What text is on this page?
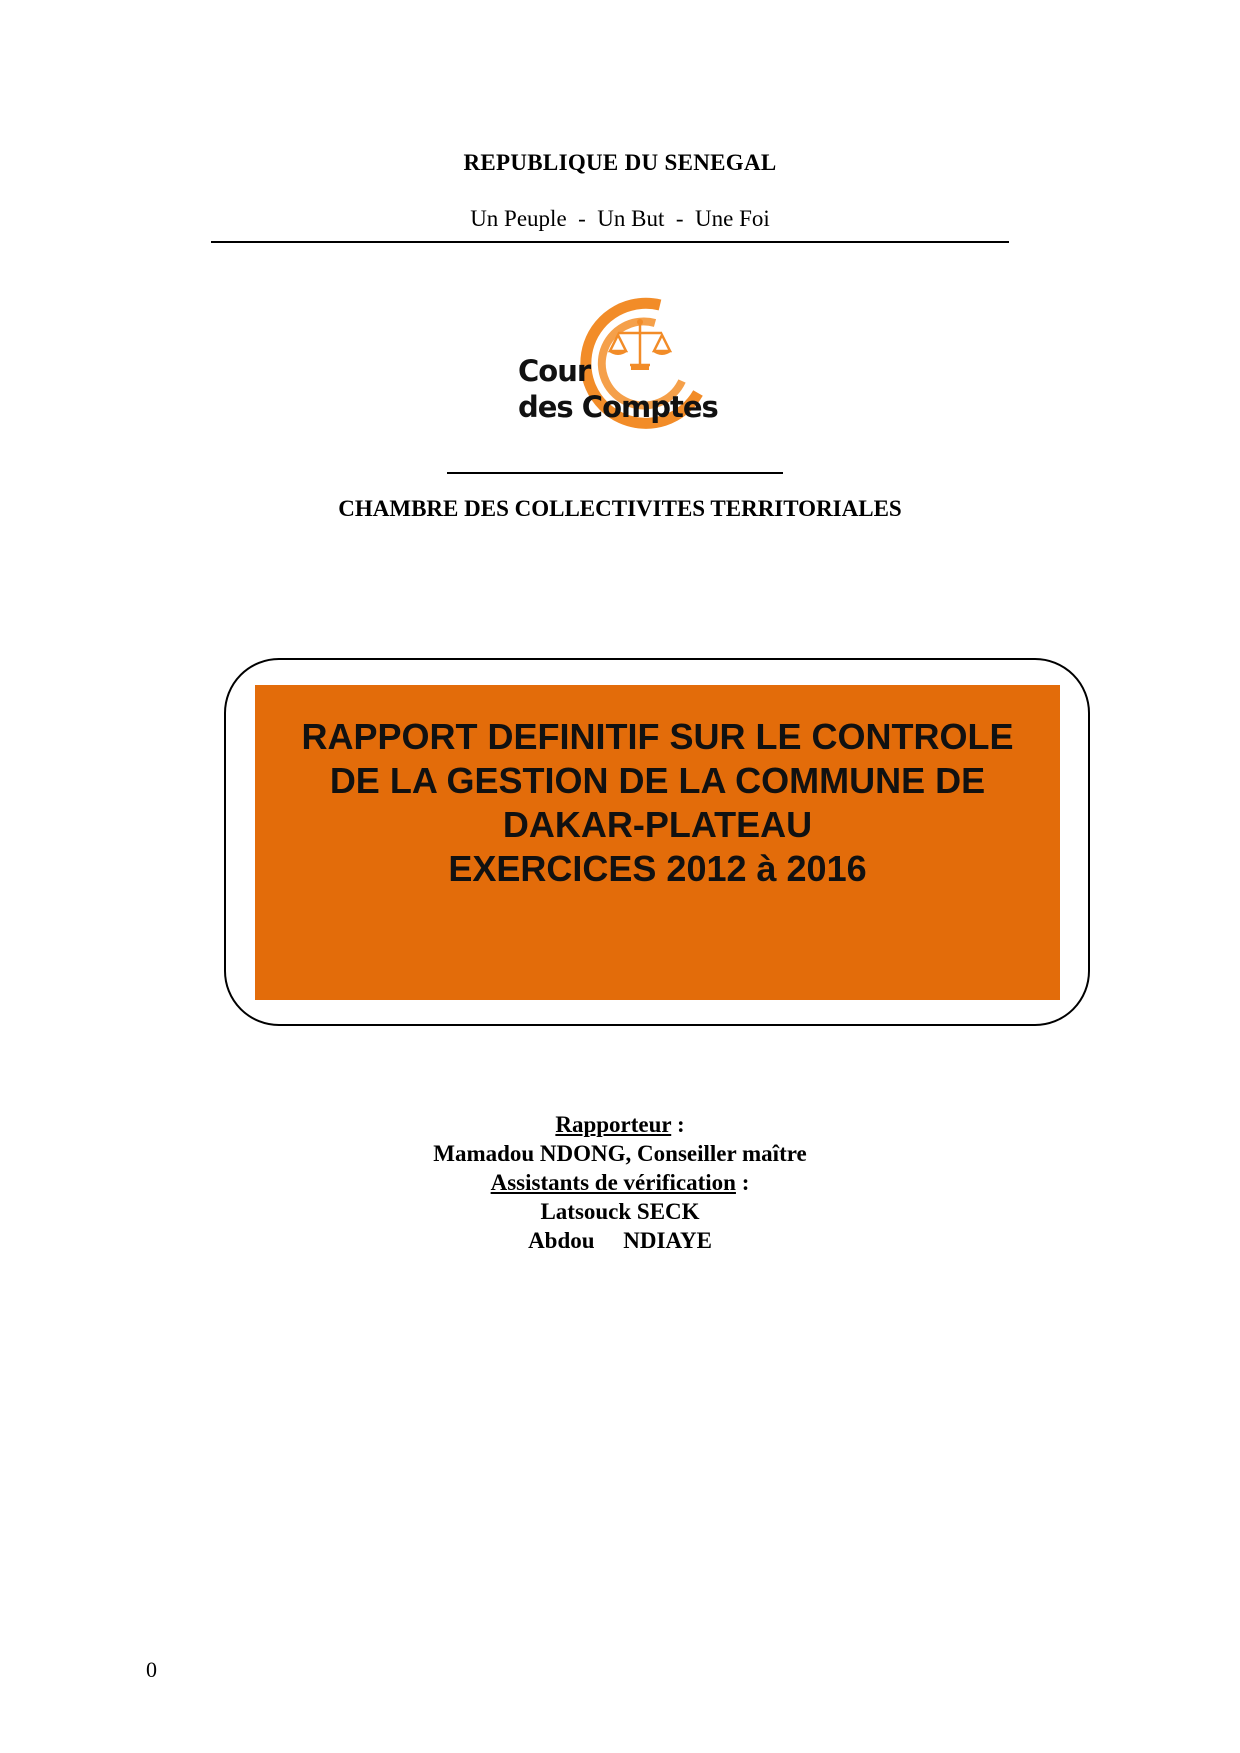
REPUBLIQUE DU SENEGAL
Un Peuple  -  Un But  -  Une Foi
Cour
des Comptes
CHAMBRE DES COLLECTIVITES TERRITORIALES
RAPPORT DEFINITIF SUR LE CONTROLE
DE LA GESTION DE LA COMMUNE DE
DAKAR-PLATEAU
EXERCICES 2012 à 2016
Rapporteur :
Mamadou NDONG, Conseiller maître
Assistants de vérification :
Latsouck SECK
Abdou     NDIAYE
0
